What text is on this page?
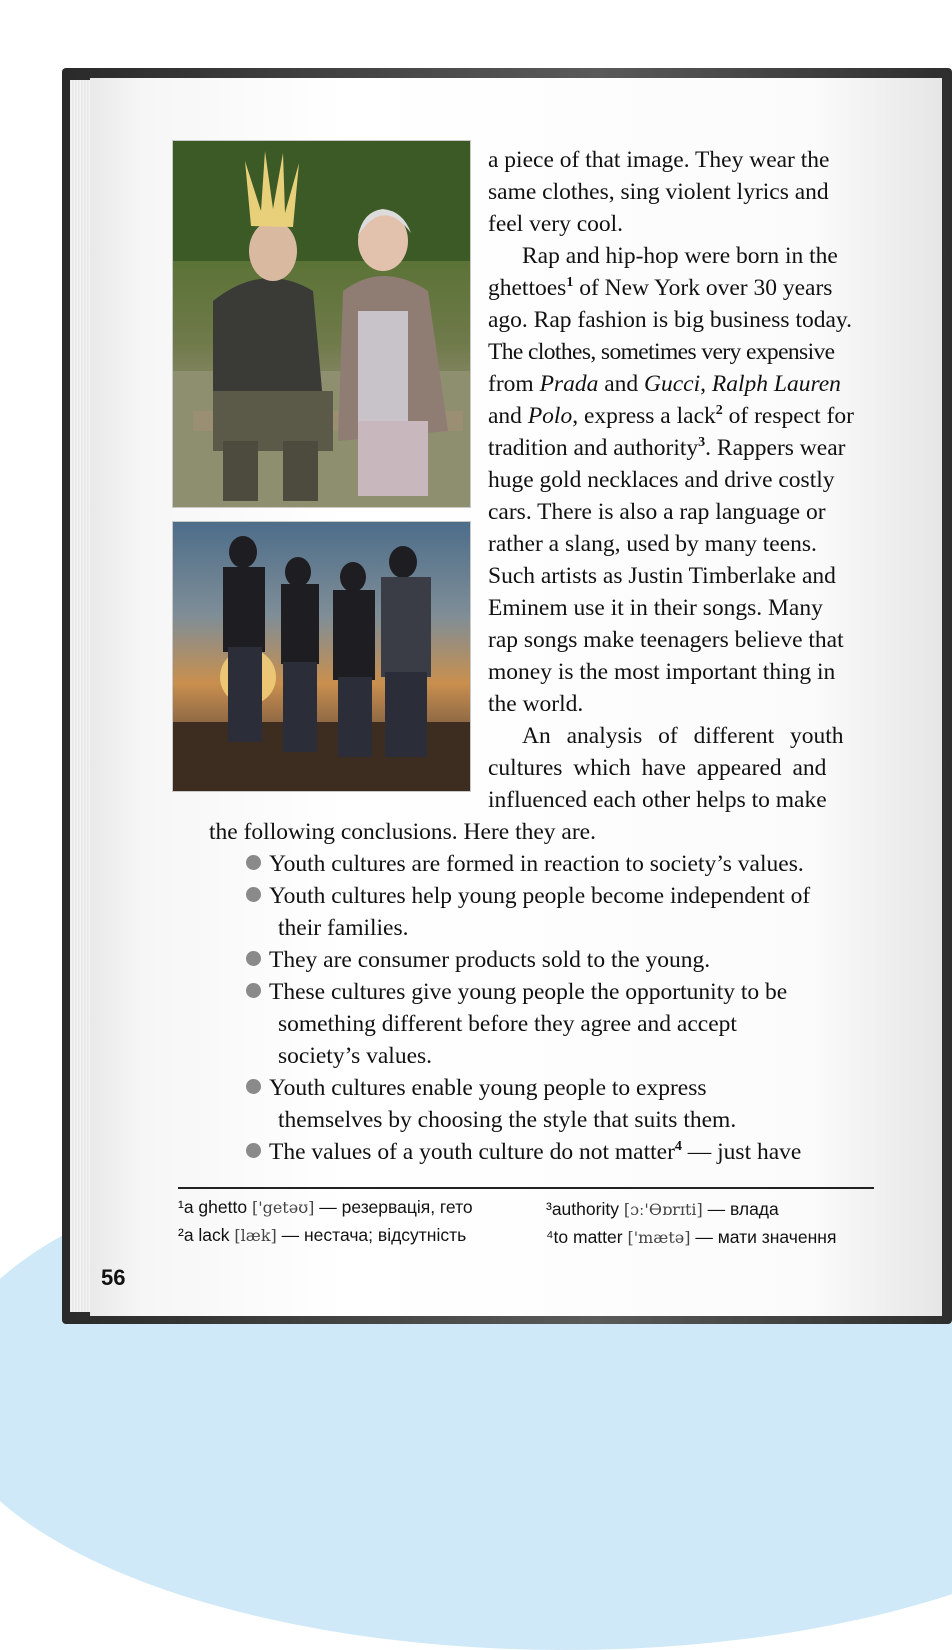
a piece of that image. They wear the
same clothes, sing violent lyrics and
feel very cool.
Rap and hip-hop were born in the
ghettoes$^1$ of New York over 30 years
ago. Rap fashion is big business today.
The clothes, sometimes very expensive
from Prada and Gucci, Ralph Lauren
and Polo, express a lack$^2$ of respect for
tradition and authority$^3$. Rappers wear
huge gold necklaces and drive costly
cars. There is also a rap language or
rather a slang, used by many teens.
Such artists as Justin Timberlake and
Eminem use it in their songs. Many
rap songs make teenagers believe that
money is the most important thing in
the world.
An analysis of different youth
cultures which have appeared and
influenced each other helps to make
the following conclusions. Here they are.
Youth cultures are formed in reaction to society’s values.
Youth cultures help young people become independent of
their families.
They are consumer products sold to the young.
These cultures give young people the opportunity to be
something different before they agree and accept
society’s values.
Youth cultures enable young people to express
themselves by choosing the style that suits them.
The values of a youth culture do not matter$^4$ — just have
¹a ghetto ['getəʊ] — резервація, гето
²a lack [læk] — нестача; відсутність
³authority [ɔː'Ɵɒrɪti] — влада
⁴to matter ['mætə] — мати значення
56
